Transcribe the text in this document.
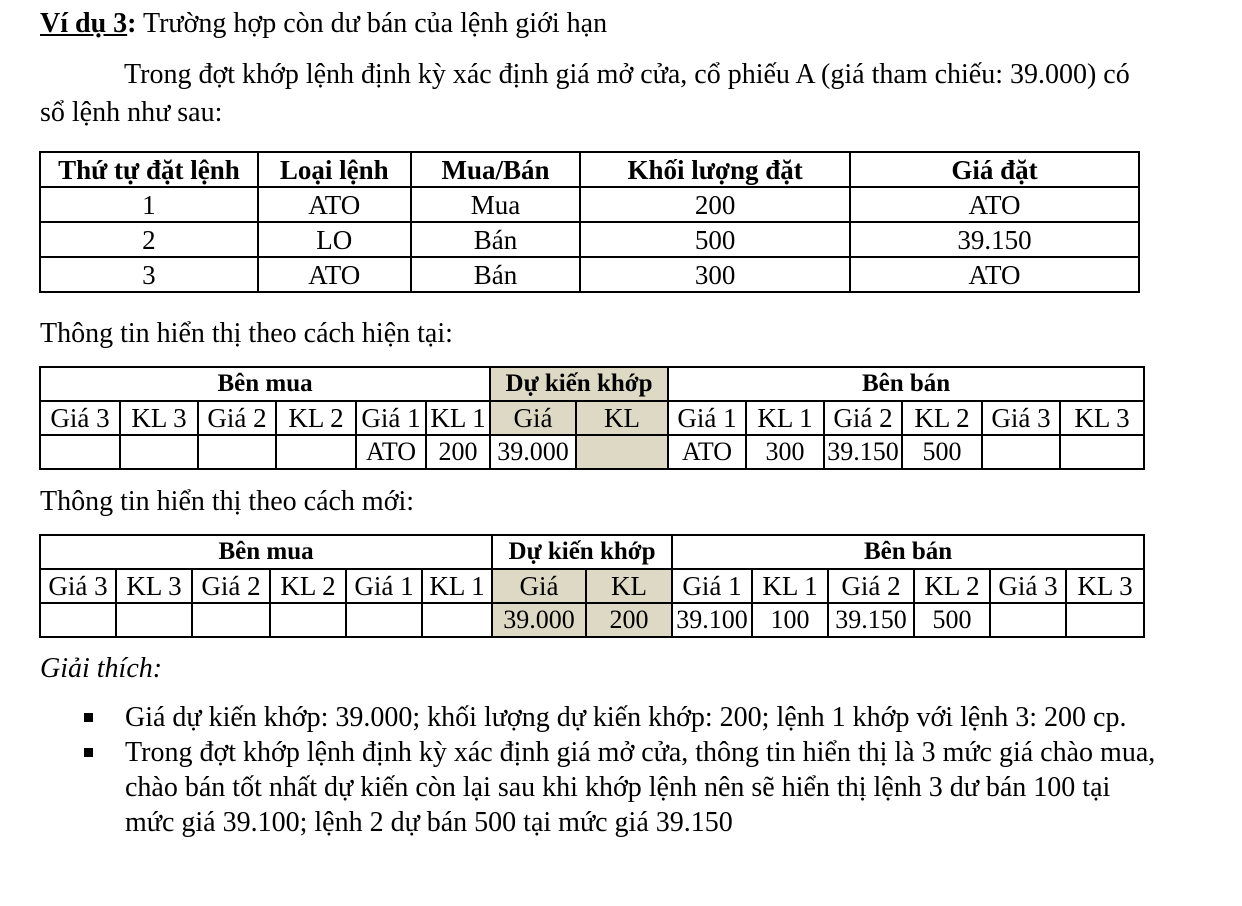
Ví dụ 3: Trường hợp còn dư bán của lệnh giới hạn
Trong đợt khớp lệnh định kỳ xác định giá mở cửa, cổ phiếu A (giá tham chiếu: 39.000) có sổ lệnh như sau:
Thứ tự đặt lệnh	Loại lệnh	Mua/Bán	Khối lượng đặt	Giá đặt
1	ATO	Mua	200	ATO
2	LO	Bán	500	39.150
3	ATO	Bán	300	ATO
Thông tin hiển thị theo cách hiện tại:
Bên mua						Dự kiến khớp		Bên bán					
Giá 3	KL 3	Giá 2	KL 2	Giá 1	KL 1	Giá	KL	Giá 1	KL 1	Giá 2	KL 2	Giá 3	KL 3
				ATO	200	39.000		ATO	300	39.150	500		
Thông tin hiển thị theo cách mới:
Bên mua						Dự kiến khớp		Bên bán					
Giá 3	KL 3	Giá 2	KL 2	Giá 1	KL 1	Giá	KL	Giá 1	KL 1	Giá 2	KL 2	Giá 3	KL 3
						39.000	200	39.100	100	39.150	500		
Giải thích:
Giá dự kiến khớp: 39.000; khối lượng dự kiến khớp: 200; lệnh 1 khớp với lệnh 3: 200 cp.
Trong đợt khớp lệnh định kỳ xác định giá mở cửa, thông tin hiển thị là 3 mức giá chào mua, chào bán tốt nhất dự kiến còn lại sau khi khớp lệnh nên sẽ hiển thị lệnh 3 dư bán 100 tại mức giá 39.100; lệnh 2 dự bán 500 tại mức giá 39.150
